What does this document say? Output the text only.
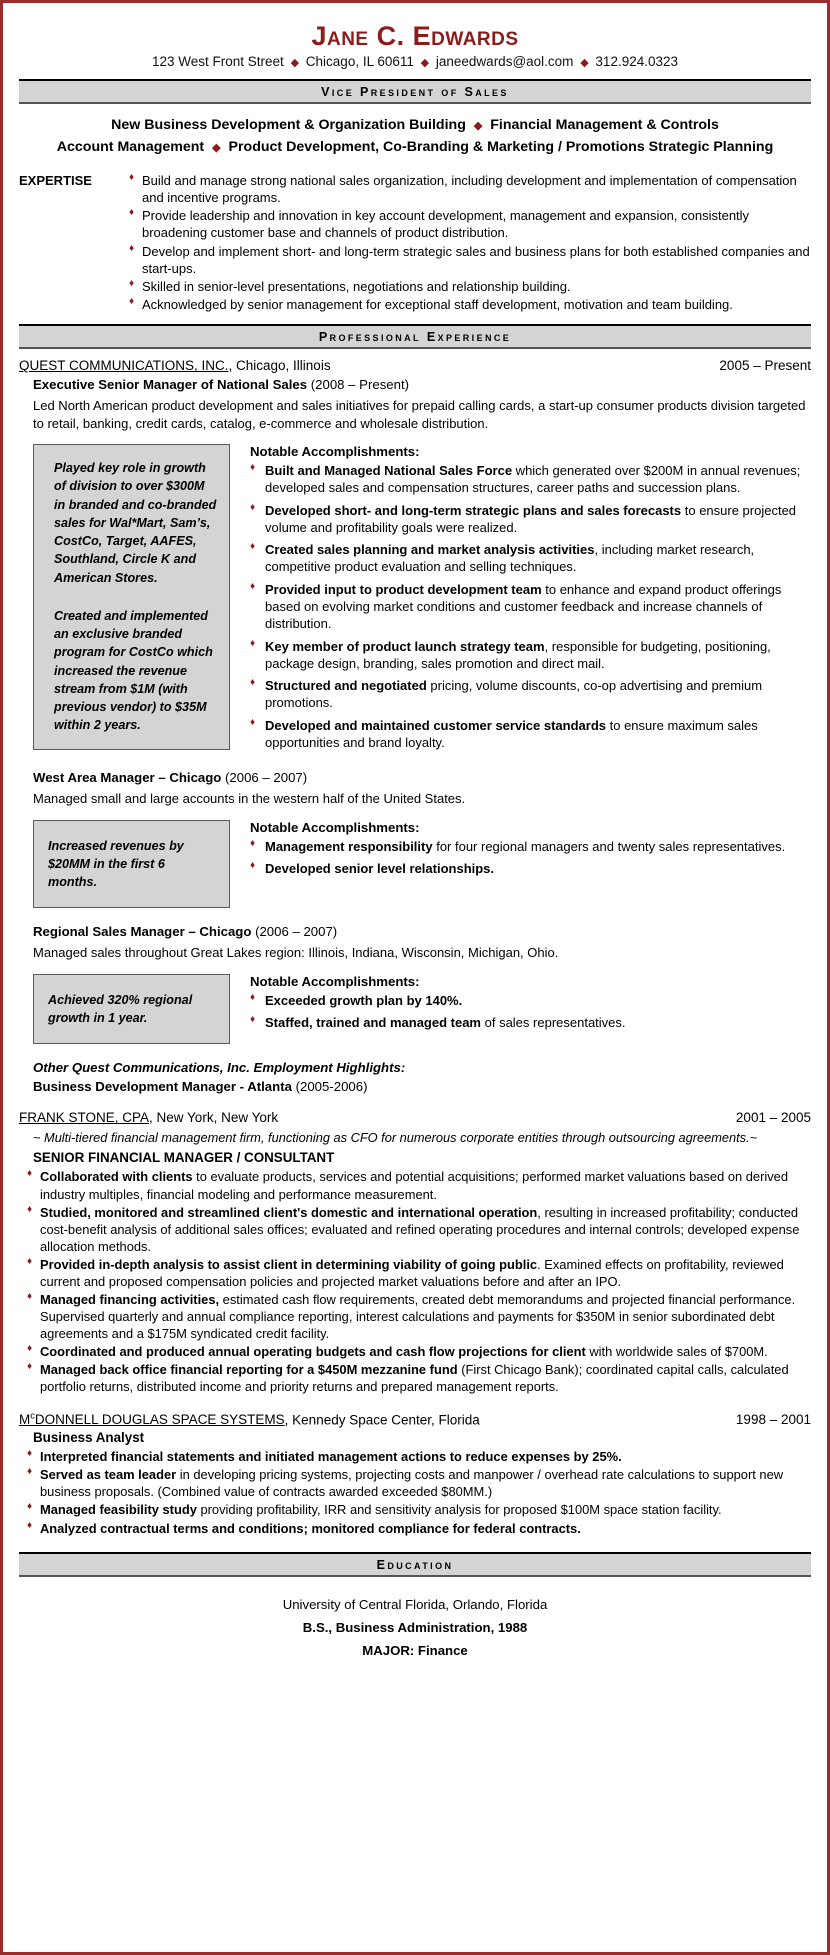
Jane C. Edwards
123 West Front Street ◆ Chicago, IL 60611 ◆ janeedwards@aol.com ◆ 312.924.0323
Vice President of Sales
New Business Development & Organization Building ◆ Financial Management & Controls
Account Management ◆ Product Development, Co-Branding & Marketing / Promotions Strategic Planning
EXPERTISE	♦ Build and manage strong national sales organization, including development and implementation of compensation and incentive programs.
♦ Provide leadership and innovation in key account development, management and expansion, consistently broadening customer base and channels of product distribution.
♦ Develop and implement short- and long-term strategic sales and business plans for both established companies and start-ups.
♦ Skilled in senior-level presentations, negotiations and relationship building.
♦ Acknowledged by senior management for exceptional staff development, motivation and team building.
Professional Experience
QUEST COMMUNICATIONS, INC., Chicago, Illinois	2005 – Present
Executive Senior Manager of National Sales (2008 – Present)
Led North American product development and sales initiatives for prepaid calling cards, a start-up consumer products division targeted to retail, banking, credit cards, catalog, e-commerce and wholesale distribution.

Played key role in growth of division to over $300M in branded and co-branded sales for Wal*Mart, Sam’s, CostCo, Target, AAFES, Southland, Circle K and American Stores.

Created and implemented an exclusive branded program for CostCo which increased the revenue stream from $1M (with previous vendor) to $35M within 2 years.

Notable Accomplishments:
♦ Built and Managed National Sales Force which generated over $200M in annual revenues; developed sales and compensation structures, career paths and succession plans.
♦ Developed short- and long-term strategic plans and sales forecasts to ensure projected volume and profitability goals were realized.
♦ Created sales planning and market analysis activities, including market research, competitive product evaluation and selling techniques.
♦ Provided input to product development team to enhance and expand product offerings based on evolving market conditions and customer feedback and increase channels of distribution.
♦ Key member of product launch strategy team, responsible for budgeting, positioning, package design, branding, sales promotion and direct mail.
♦ Structured and negotiated pricing, volume discounts, co-op advertising and premium promotions.
♦ Developed and maintained customer service standards to ensure maximum sales opportunities and brand loyalty.
West Area Manager – Chicago (2006 – 2007)
Managed small and large accounts in the western half of the United States.

Increased revenues by $20MM in the first 6 months.

Notable Accomplishments:
♦ Management responsibility for four regional managers and twenty sales representatives.
♦ Developed senior level relationships.
Regional Sales Manager – Chicago (2006 – 2007)
Managed sales throughout Great Lakes region: Illinois, Indiana, Wisconsin, Michigan, Ohio.

Achieved 320% regional growth in 1 year.

Notable Accomplishments:
♦ Exceeded growth plan by 140%.
♦ Staffed, trained and managed team of sales representatives.
Other Quest Communications, Inc. Employment Highlights:
Business Development Manager - Atlanta (2005-2006)
FRANK STONE, CPA, New York, New York	2001 – 2005
~ Multi-tiered financial management firm, functioning as CFO for numerous corporate entities through outsourcing agreements.~
SENIOR FINANCIAL MANAGER / CONSULTANT
♦ Collaborated with clients to evaluate products, services and potential acquisitions; performed market valuations based on derived industry multiples, financial modeling and performance measurement.
♦ Studied, monitored and streamlined client's domestic and international operation, resulting in increased profitability; conducted cost-benefit analysis of additional sales offices; evaluated and refined operating procedures and internal controls; developed expense allocation methods.
♦ Provided in-depth analysis to assist client in determining viability of going public. Examined effects on profitability, reviewed current and proposed compensation policies and projected market valuations before and after an IPO.
♦ Managed financing activities, estimated cash flow requirements, created debt memorandums and projected financial performance. Supervised quarterly and annual compliance reporting, interest calculations and payments for $350M in senior subordinated debt agreements and a $175M syndicated credit facility.
♦ Coordinated and produced annual operating budgets and cash flow projections for client with worldwide sales of $700M.
♦ Managed back office financial reporting for a $450M mezzanine fund (First Chicago Bank); coordinated capital calls, calculated portfolio returns, distributed income and priority returns and prepared management reports.
$M^cDONNELL$ DOUGLAS SPACE SYSTEMS, Kennedy Space Center, Florida	1998 – 2001
Business Analyst
♦ Interpreted financial statements and initiated management actions to reduce expenses by 25%.
♦ Served as team leader in developing pricing systems, projecting costs and manpower / overhead rate calculations to support new business proposals. (Combined value of contracts awarded exceeded $80MM.)
♦ Managed feasibility study providing profitability, IRR and sensitivity analysis for proposed $100M space station facility.
♦ Analyzed contractual terms and conditions; monitored compliance for federal contracts.
Education
University of Central Florida, Orlando, Florida
B.S., Business Administration, 1988
MAJOR: Finance
